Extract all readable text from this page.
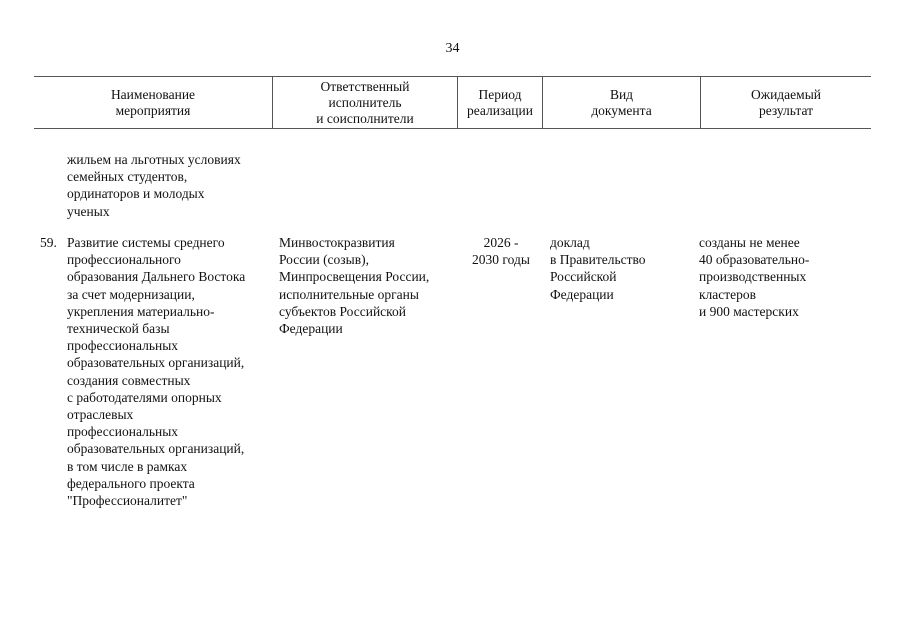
34
Наименование
мероприятия
Ответственный
исполнитель
и соисполнители
Период
реализации
Вид
документа
Ожидаемый
результат
жильем на льготных условиях
семейных студентов,
ординаторов и молодых
ученых
59. Развитие системы среднего
профессионального
образования Дальнего Востока
за счет модернизации,
укрепления материально-
технической базы
профессиональных
образовательных организаций,
создания совместных
с работодателями опорных
отраслевых
профессиональных
образовательных организаций,
в том числе в рамках
федерального проекта
"Профессионалитет"
Минвостокразвития
России (созыв),
Минпросвещения России,
исполнительные органы
субъектов Российской
Федерации
2026 -
2030 годы
доклад
в Правительство
Российской
Федерации
созданы не менее
40 образовательно-
производственных
кластеров
и 900 мастерских
